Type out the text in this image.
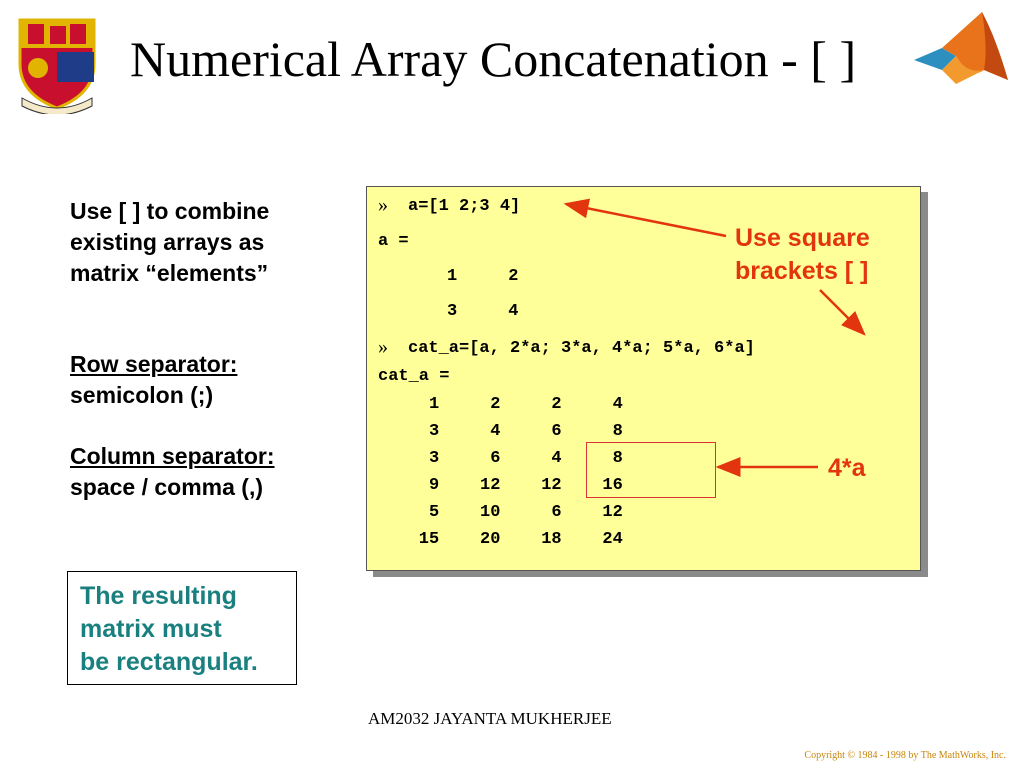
Numerical Array Concatenation - [ ]
Use [ ] to combine
existing arrays as
matrix “elements”
Row separator:
semicolon (;)
Column separator:
space / comma (,)
The resulting
matrix must
be rectangular.
» a=[1 2;3 4]
a =
1     2
3     4
» cat_a=[a, 2*a; 3*a, 4*a; 5*a, 6*a]
cat_a =
1     2     2     4
3     4     6     8
3     6     4     8
9    12    12    16
5    10     6    12
15    20    18    24
Use square
brackets [ ]
4*a
AM2032 JAYANTA MUKHERJEE
Copyright © 1984 - 1998 by The MathWorks, Inc.
